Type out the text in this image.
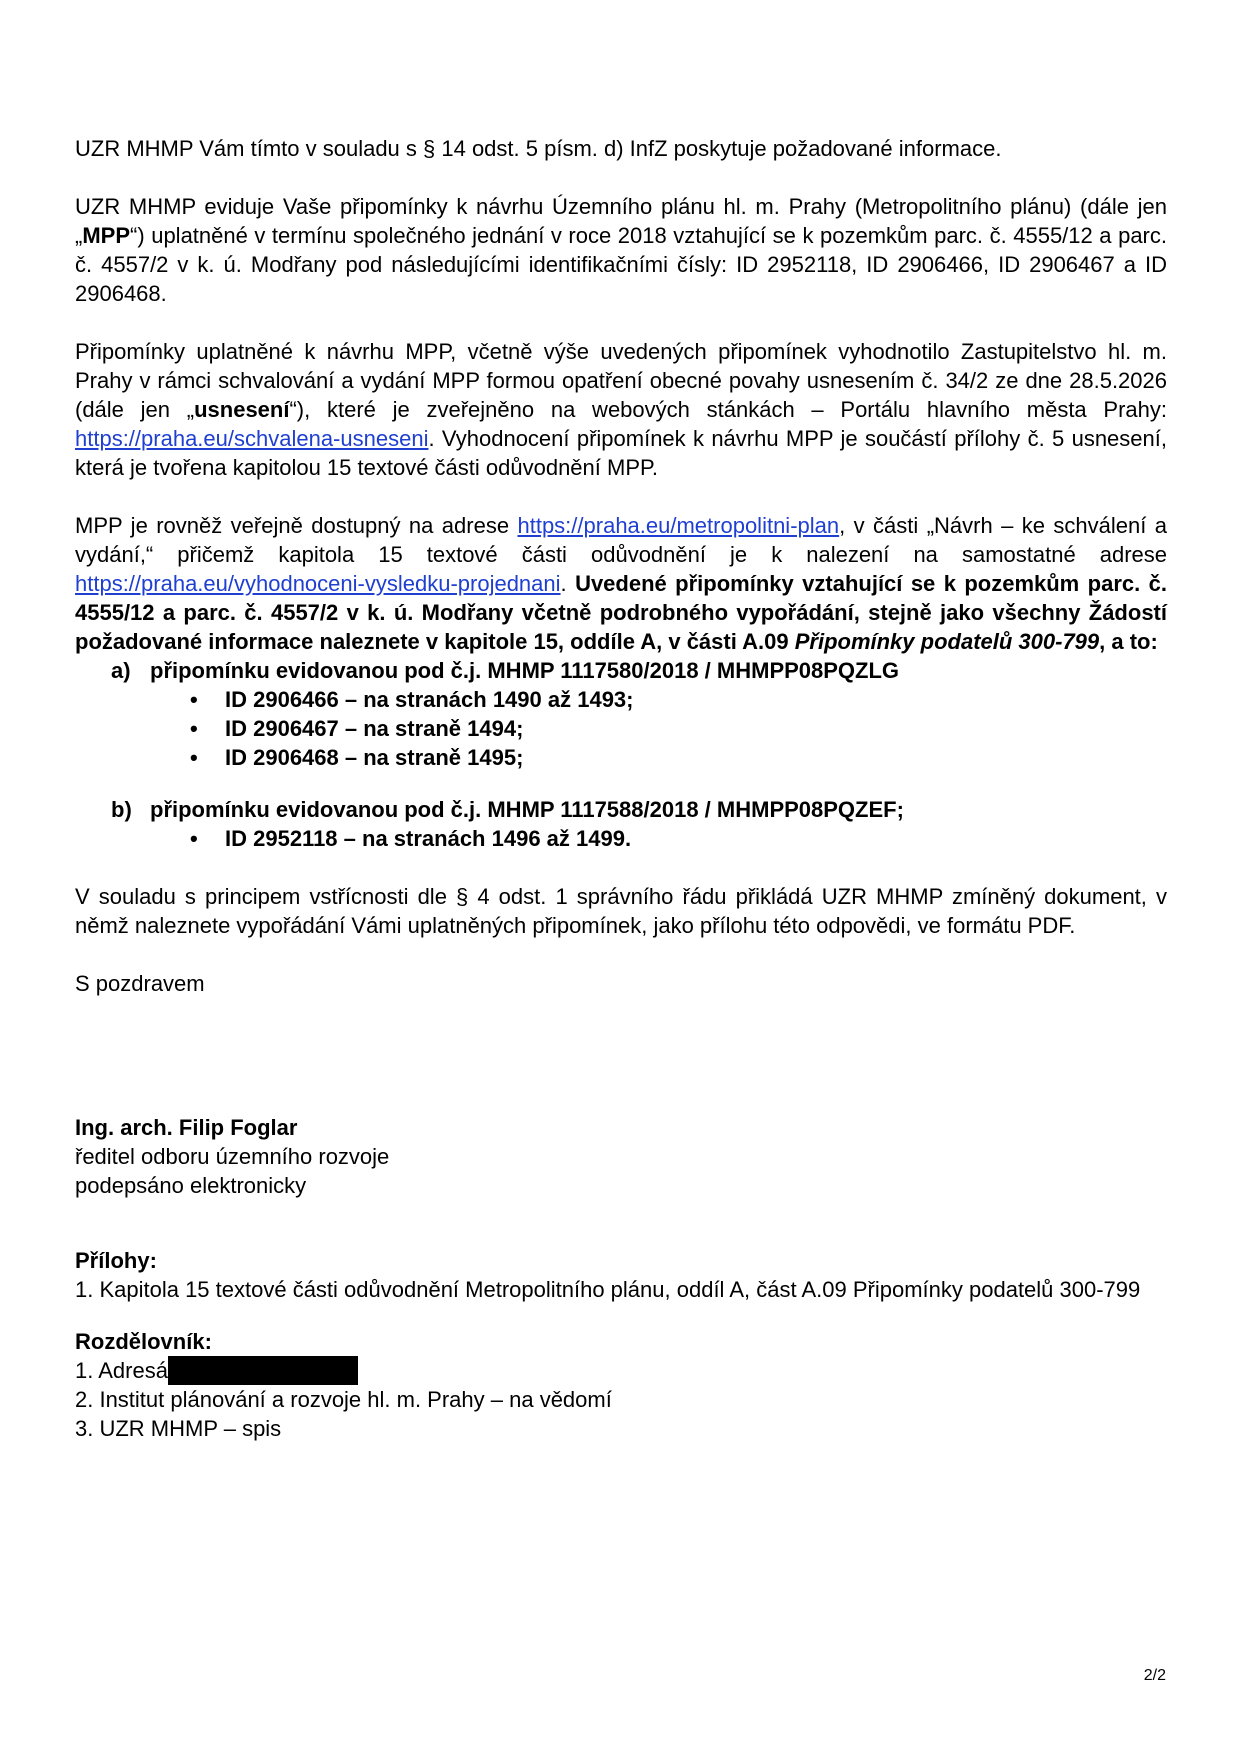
UZR MHMP Vám tímto v souladu s § 14 odst. 5 písm. d) InfZ poskytuje požadované informace.

UZR MHMP eviduje Vaše připomínky k návrhu Územního plánu hl. m. Prahy (Metropolitního plánu) (dále jen „MPP“) uplatněné v termínu společného jednání v roce 2018 vztahující se k pozemkům parc. č. 4555/12 a parc. č. 4557/2 v k. ú. Modřany pod následujícími identifikačními čísly: ID 2952118, ID 2906466, ID 2906467 a ID 2906468.

Připomínky uplatněné k návrhu MPP, včetně výše uvedených připomínek vyhodnotilo Zastupitelstvo hl. m. Prahy v rámci schvalování a vydání MPP formou opatření obecné povahy usnesením č. 34/2 ze dne 28.5.2026 (dále jen „usnesení“), které je zveřejněno na webových stánkách – Portálu hlavního města Prahy: https://praha.eu/schvalena-usneseni. Vyhodnocení připomínek k návrhu MPP je součástí přílohy č. 5 usnesení, která je tvořena kapitolou 15 textové části odůvodnění MPP.

MPP je rovněž veřejně dostupný na adrese https://praha.eu/metropolitni-plan, v části „Návrh – ke schválení a vydání,“ přičemž kapitola 15 textové části odůvodnění je k nalezení na samostatné adrese https://praha.eu/vyhodnoceni-vysledku-projednani. Uvedené připomínky vztahující se k pozemkům parc. č. 4555/12 a parc. č. 4557/2 v k. ú. Modřany včetně podrobného vypořádání, stejně jako všechny Žádostí požadované informace naleznete v kapitole 15, oddíle A, v části A.09 Připomínky podatelů 300-799, a to:

a) připomínku evidovanou pod č.j. MHMP 1117580/2018 / MHMPP08PQZLG
• ID 2906466 – na stranách 1490 až 1493;
• ID 2906467 – na straně 1494;
• ID 2906468 – na straně 1495;
b) připomínku evidovanou pod č.j. MHMP 1117588/2018 / MHMPP08PQZEF;
• ID 2952118 – na stranách 1496 až 1499.

V souladu s principem vstřícnosti dle § 4 odst. 1 správního řádu přikládá UZR MHMP zmíněný dokument, v němž naleznete vypořádání Vámi uplatněných připomínek, jako přílohu této odpovědi, ve formátu PDF.

S pozdravem

Ing. arch. Filip Foglar

ředitel odboru územního rozvoje

podepsáno elektronicky

Přílohy:

1. Kapitola 15 textové části odůvodnění Metropolitního plánu, oddíl A, část A.09 Připomínky podatelů 300-799

Rozdělovník:

1. Adresá

2. Institut plánování a rozvoje hl. m. Prahy – na vědomí

3. UZR MHMP – spis

2/2
